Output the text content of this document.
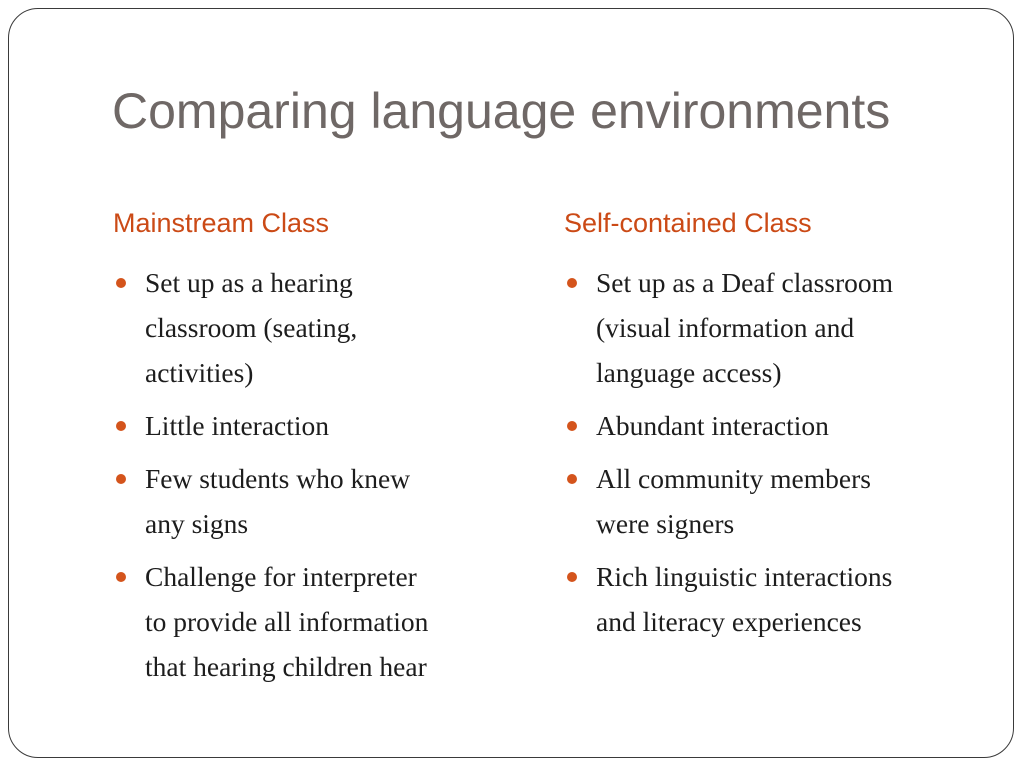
Comparing language environments
Mainstream Class
Set up as a hearing
classroom (seating,
activities)
Little interaction
Few students who knew
any signs
Challenge for interpreter
to provide all information
that hearing children hear
Self-contained Class
Set up as a Deaf classroom
(visual information and
language access)
Abundant interaction
All community members
were signers
Rich linguistic interactions
and literacy experiences
